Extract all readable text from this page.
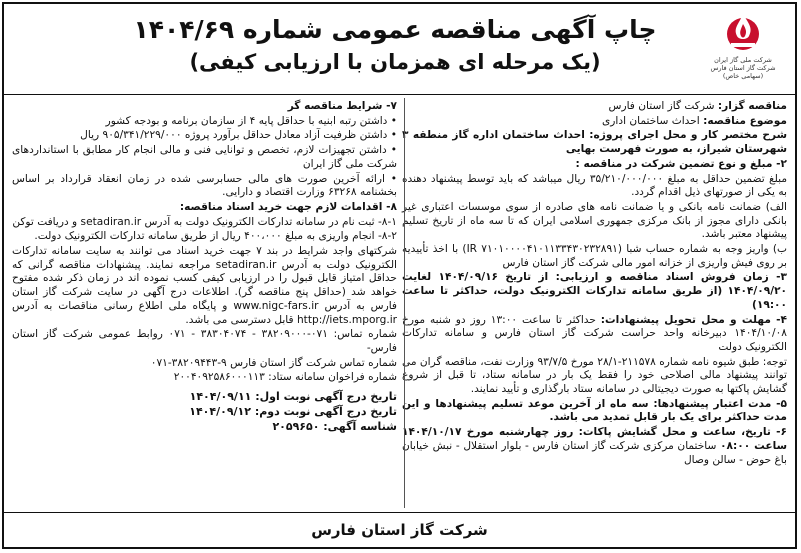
شرکت ملی گاز ایران
شرکت گاز استان فارس
(سهامی خاص)
چاپ آگهی مناقصه عمومی شماره ۱۴۰۴/۶۹
(یک مرحله ای همزمان با ارزیابی کیفی)
مناقصه گزار: شرکت گاز استان فارس
موضوع مناقصه: احداث ساختمان اداری
شرح مختصر کار و محل اجرای پروژه: احداث ساختمان اداره گاز منطقه ۳ شهرستان شیراز، به صورت فهرست بهایی
۲- مبلغ و نوع تضمین شرکت در مناقصه :
مبلغ تضمین حداقل به مبلغ ۳۵/۲۱۰/۰۰۰/۰۰۰ ریال میباشد که باید توسط پیشنهاد دهنده به یکی از صورتهای ذیل اقدام گردد.
الف) ضمانت نامه بانکی و یا ضمانت نامه های صادره از سوی موسسات اعتباری غیر بانکی دارای مجوز از بانک مرکزی جمهوری اسلامی ایران که تا سه ماه از تاریخ تسلیم پیشنهاد معتبر باشد.
ب) واریز وجه به شماره حساب شبا (IR ۷۱۰۱۰۰۰۰۴۱۰۱۱۳۳۴۳۰۲۳۲۸۹۱) با اخذ تأییدیه بر روی فیش واریزی از خزانه امور مالی شرکت گاز استان فارس
۳- زمان فروش اسناد مناقصه و ارزیابی: از تاریخ ۱۴۰۴/۰۹/۱۶ لغایت ۱۴۰۴/۰۹/۲۰ (از طریق سامانه تدارکات الکترونیک دولت، حداکثر تا ساعت ۱۹:۰۰)
۴- مهلت و محل تحویل پیشنهادات: حداکثر تا ساعت ۱۳:۰۰ روز دو شنبه مورخ ۱۴۰۴/۱۰/۰۸ دبیرخانه واحد حراست شرکت گاز استان فارس و سامانه تدارکات الکترونیک دولت
توجه: طبق شیوه نامه شماره ۲۱۱۵۷۸-۲۸/۱ مورخ ۹۳/۷/۵ وزارت نفت، مناقصه گران می توانند پیشنهاد مالی اصلاحی خود را فقط یک بار در سامانه ستاد، تا قبل از شروع گشایش پاکتها به صورت دیجیتالی در سامانه ستاد بارگذاری و تأیید نمایند.
۵- مدت اعتبار پیشنهادها: سه ماه از آخرین موعد تسلیم پیشنهادها و این مدت حداکثر برای یک بار قابل تمدید می باشد.
۶- تاریخ، ساعت و محل گشایش پاکات: روز چهارشنبه مورخ ۱۴۰۴/۱۰/۱۷ ساعت ۰۸:۰۰ ساختمان مرکزی شرکت گاز استان فارس - بلوار استقلال - نبش خیابان باغ حوض - سالن وصال
۷- شرایط مناقصه گر
• داشتن رتبه ابنیه با حداقل پایه ۴ از سازمان برنامه و بودجه کشور
• داشتن ظرفیت آزاد معادل حداقل برآورد پروژه ۹۰۵/۳۴۱/۲۲۹/۰۰۰ ریال
• داشتن تجهیزات لازم، تخصص و توانایی فنی و مالی انجام کار مطابق با استانداردهای شرکت ملی گاز ایران
• ارائه آخرین صورت های مالی حسابرسی شده در زمان انعقاد قرارداد بر اساس بخشنامه ۶۳۲۶۸ وزارت اقتصاد و دارایی.
۸- اقدامات لازم جهت خرید اسناد مناقصه:
۸-۱- ثبت نام در سامانه تدارکات الکترونیک دولت به آدرس setadiran.ir و دریافت توکن
۸-۲- انجام واریزی به مبلغ ۴۰۰،۰۰۰ ریال از طریق سامانه تدارکات الکترونیک دولت.
شرکتهای واجد شرایط در بند ۷ جهت خرید اسناد می توانند به سایت سامانه تدارکات الکترونیک دولت به آدرس setadiran.ir مراجعه نمایند. پیشنهادات مناقصه گرانی که حداقل امتیاز قابل قبول را در ارزیابی کیفی کسب نموده اند در زمان ذکر شده مفتوح خواهد شد (حداقل پنج مناقصه گر). اطلاعات درج آگهی در سایت شرکت گاز استان فارس به آدرس www.nigc-fars.ir و پایگاه ملی اطلاع رسانی مناقصات به آدرس http://iets.mporg.ir قابل دسترسی می باشد.
شماره تماس: ۰۷۱-۳۸۲۰۹۰۰۰ - ۳۸۳۰۴۰۷۴ - ۰۷۱ روابط عمومی شرکت گاز استان فارس-
شماره تماس شرکت گاز استان فارس ۹-۳۸۲۰۹۴۴۳-۰۷۱
شماره فراخوان سامانه ستاد: ۲۰۰۴۰۹۲۵۸۶۰۰۰۱۱۳
تاریخ درج آگهی نوبت اول: ۱۴۰۴/۰۹/۱۱
تاریخ درج آگهی نوبت دوم: ۱۴۰۴/۰۹/۱۲
شناسه آگهی: ۲۰۵۹۶۵۰
شرکت گاز استان فارس
